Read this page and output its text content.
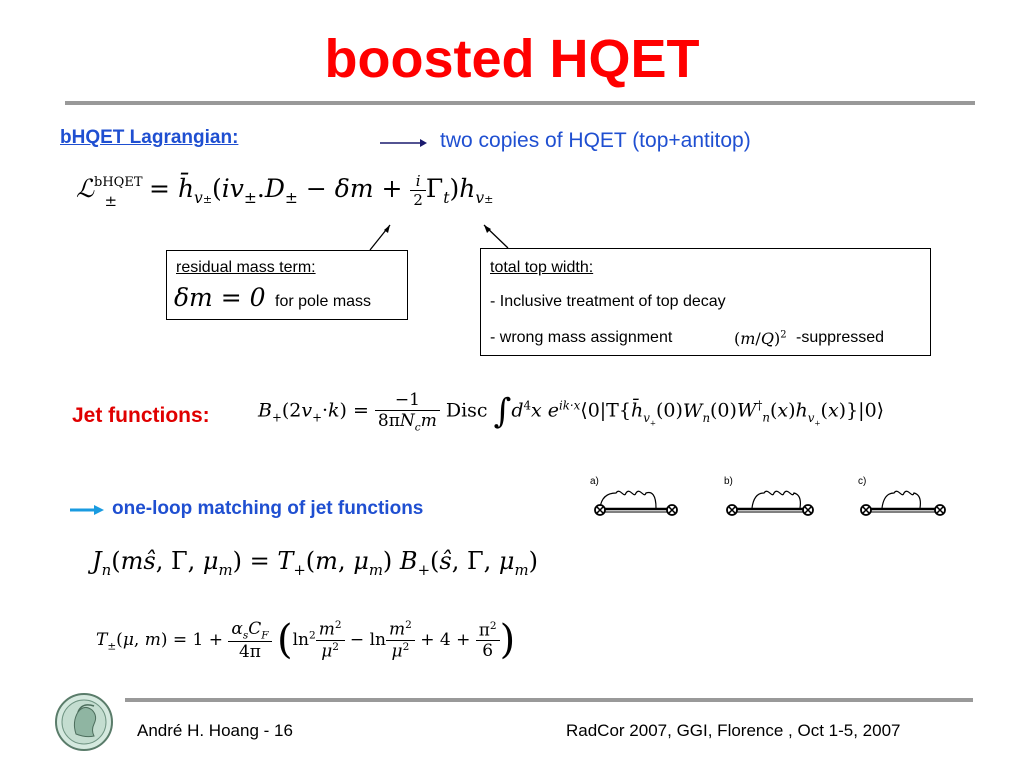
boosted HQET
bHQET Lagrangian:	two copies of HQET (top+antitop)
ℒ$^{bHQET}_\pm$ = $h̄_{v\pm}(iv_\pm.D_\pm - \delta m + \frac{i}{2} \Gamma_t)h_{v\pm}$
residual mass term:
δm = 0 for pole mass
total top width:
- Inclusive treatment of top decay
- wrong mass assignment	$(m/Q)^2$ -suppressed
Jet functions:	$B_+(2v_+\cdot k) = \frac{-1}{8\pi N_cm}$ Disc $\int d^4x$ $e^{ik\cdot x}⟨0|T\{h̄_{v_+}(0)W_n(0)W^\dagger_n(x)h_{v_+}(x)\}|0⟩$
one-loop matching of jet functions
a)	b)	c)
$J_n(mŝ$, Γ, $\mu_m) = T_+(m$, $\mu_m$) $B_+(ŝ$, Γ, $\mu_m$)
$T_\pm(\mu$, $m) = 1 + \frac{\alpha_sC_F}{4\pi} (\ln^2 \frac{m^2}{\mu^2} - \ln \frac{m^2}{\mu^2} + 4 + \frac{\pi^2}{6}$ )
André H. Hoang - 16	RadCor 2007, GGI, Florence , Oct 1-5, 2007
